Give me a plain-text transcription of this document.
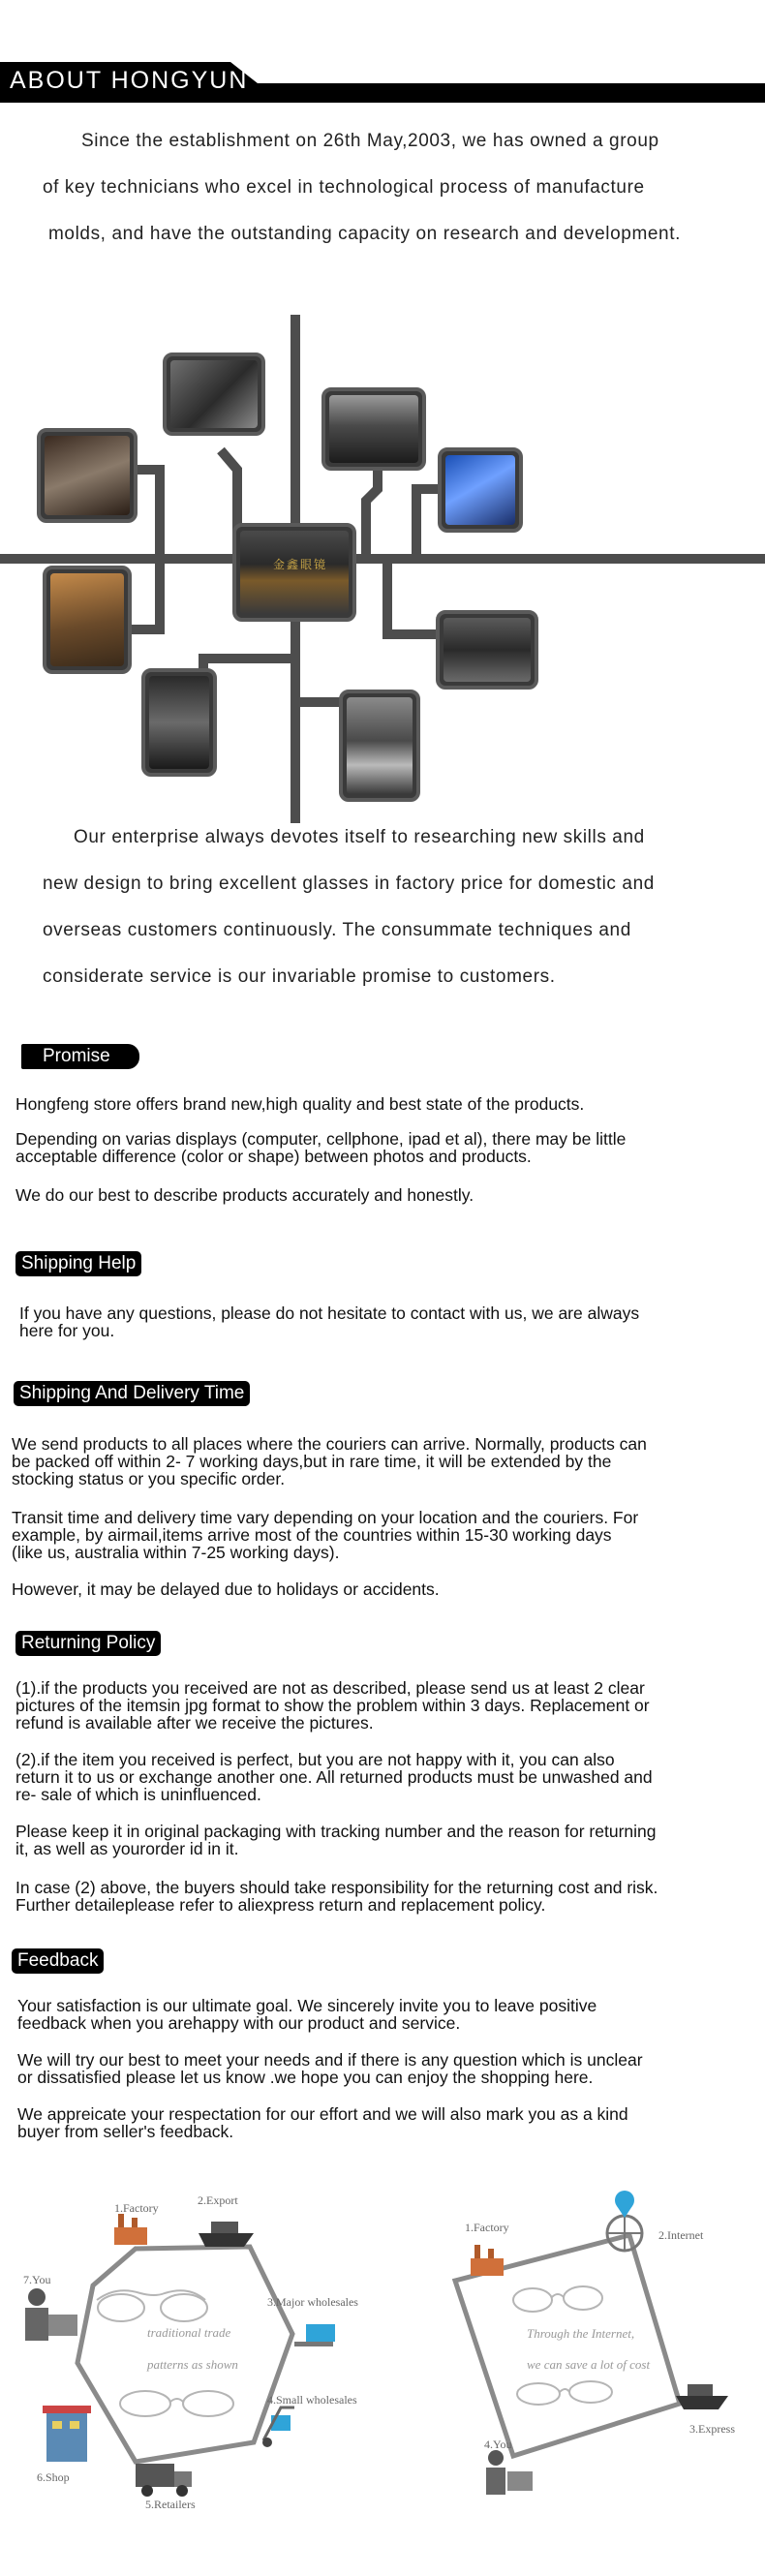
ABOUT HONGYUN

Since the establishment on 26th May,2003, we has owned a group

of key technicians who excel in technological process of manufacture

molds, and have the outstanding capacity on research and development.

金鑫眼镜

Our enterprise always devotes itself to researching new skills and

new design to bring excellent glasses in factory price for domestic and

overseas customers continuously. The consummate techniques and

considerate service is our invariable promise to customers.

Promise

Hongfeng store offers brand new,high quality and best state of the products.

Depending on varias displays (computer, cellphone, ipad et al), there may be little
acceptable difference (color or shape) between photos and products.

We do our best to describe products accurately and honestly.

Shipping Help

If you have any questions, please do not hesitate to contact with us, we are always
here for you.

Shipping And Delivery Time

We send products to all places where the couriers can arrive. Normally, products can
be packed off within 2- 7 working days,but in rare time, it will be extended by the
stocking status or you specific order.

Transit time and delivery time vary depending on your location and the couriers. For
example, by airmail,items arrive most of the countries within 15-30 working days
(like us, australia within 7-25 working days).

However, it may be delayed due to holidays or accidents.

Returning Policy

(1).if the products you received are not as described, please send us at least 2 clear
pictures of the itemsin jpg format to show the problem within 3 days. Replacement or
refund is available after we receive the pictures.

(2).if the item you received is perfect, but you are not happy with it, you can also
return it to us or exchange another one. All returned products must be unwashed and
re- sale of which is uninfluenced.

Please keep it in original packaging with tracking number and the reason for returning
it, as well as yourorder id in it.

In case (2) above, the buyers should take responsibility for the returning cost and risk.
Further detaileplease refer to aliexpress return and replacement policy.

Feedback

Your satisfaction is our ultimate goal. We sincerely invite you to leave positive
feedback when you arehappy with our product and service.

We will try our best to meet your needs and if there is any question which is unclear
or dissatisfied please let us know .we hope you can enjoy the shopping here.

We appreicate your respectation for our effort and we will also mark you as a kind
buyer from seller's feedback.

traditional trade
patterns as shown
1.Factory
2.Export
3.Major wholesales
4.Small wholesales
5.Retailers
6.Shop
7.You
Through the Internet,
we can save a lot of cost
1.Factory
2.Internet
3.Express
4.You
